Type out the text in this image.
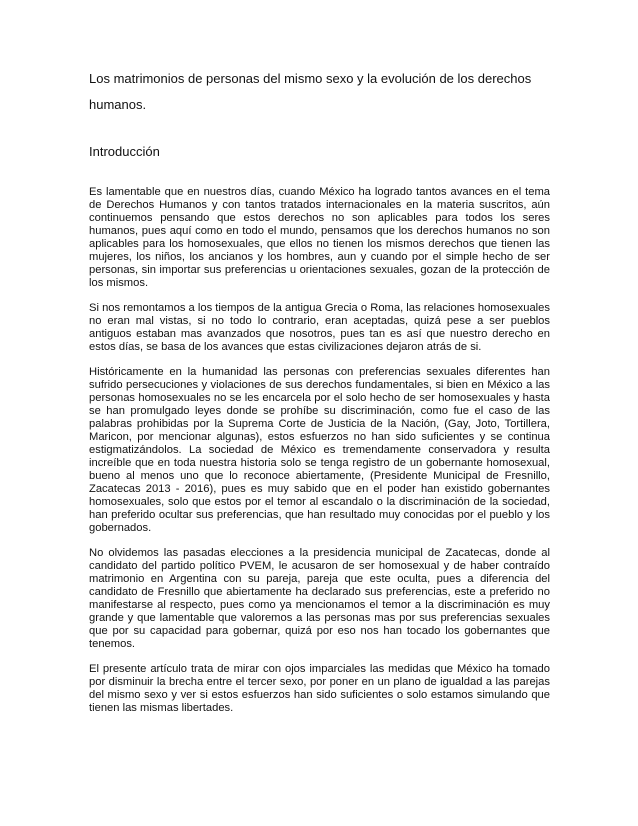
Los matrimonios de personas del mismo sexo y la evolución de los derechos humanos.
Introducción

Es lamentable que en nuestros días, cuando México ha logrado tantos avances en el tema de Derechos Humanos y con tantos tratados internacionales en la materia suscritos, aún continuemos pensando que estos derechos no son aplicables para todos los seres humanos, pues aquí como en todo el mundo, pensamos que los derechos humanos no son aplicables para los homosexuales, que ellos no tienen los mismos derechos que tienen las mujeres, los niños, los ancianos y los hombres, aun y cuando por el simple hecho de ser personas, sin importar sus preferencias u orientaciones sexuales, gozan de la protección de los mismos.

Si nos remontamos a los tiempos de la antigua Grecia o Roma, las relaciones homosexuales no eran mal vistas, si no todo lo contrario, eran aceptadas, quizá pese a ser pueblos antiguos estaban mas avanzados que nosotros, pues tan es así que nuestro derecho en estos días, se basa de los avances que estas civilizaciones dejaron atrás de si.

Históricamente en la humanidad las personas con preferencias sexuales diferentes han sufrido persecuciones y violaciones de sus derechos fundamentales, si bien en México a las personas homosexuales no se les encarcela por el solo hecho de ser homosexuales y hasta se han promulgado leyes donde se prohíbe su discriminación, como fue el caso de las palabras prohibidas por la Suprema Corte de Justicia de la Nación, (Gay, Joto, Tortillera, Maricon, por mencionar algunas), estos esfuerzos no han sido suficientes y se continua estigmatizándolos. La sociedad de México es tremendamente conservadora y resulta increíble que en toda nuestra historia solo se tenga registro de un gobernante homosexual, bueno al menos uno que lo reconoce abiertamente, (Presidente Municipal de Fresnillo, Zacatecas 2013 - 2016), pues es muy sabido que en el poder han existido gobernantes homosexuales, solo que estos por el temor al escandalo o la discriminación de la sociedad, han preferido ocultar sus preferencias, que han resultado muy conocidas por el pueblo y los gobernados.

No olvidemos las pasadas elecciones a la presidencia municipal de Zacatecas, donde al candidato del partido político PVEM, le acusaron de ser homosexual y de haber contraído matrimonio en Argentina con su pareja, pareja que este oculta, pues a diferencia del candidato de Fresnillo que abiertamente ha declarado sus preferencias, este a preferido no manifestarse al respecto, pues como ya mencionamos el temor a la discriminación es muy grande y que lamentable que valoremos a las personas mas por sus preferencias sexuales que por su capacidad para gobernar, quizá por eso nos han tocado los gobernantes que tenemos.

El presente artículo trata de mirar con ojos imparciales las medidas que México ha tomado por disminuir la brecha entre el tercer sexo, por poner en un plano de igualdad a las parejas del mismo sexo y ver si estos esfuerzos han sido suficientes o solo estamos simulando que tienen las mismas libertades.
